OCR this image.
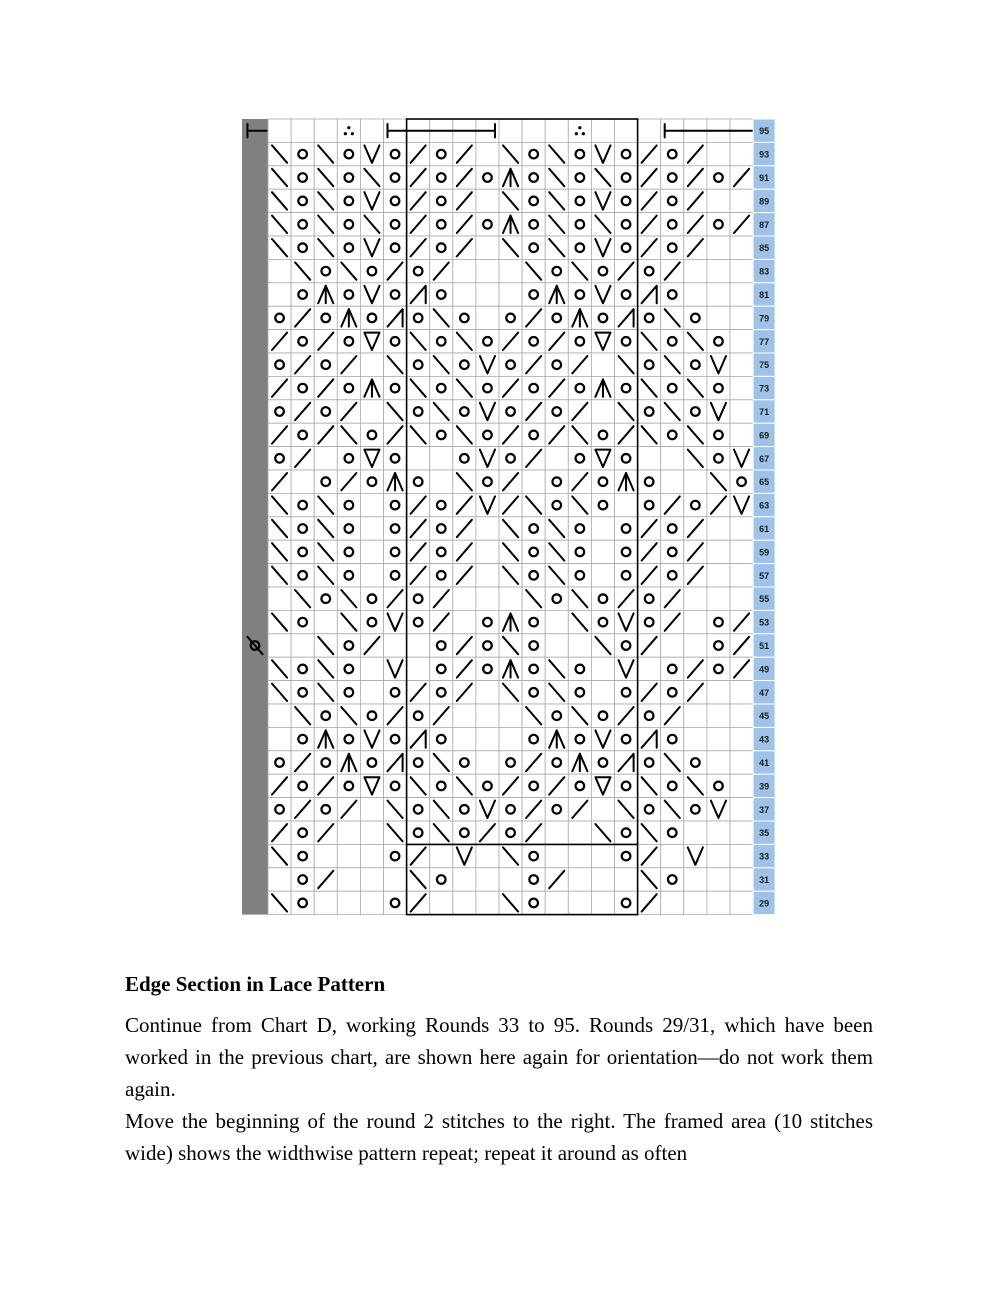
95
93
91
89
87
85
83
81
79
77
75
73
71
69
67
65
63
61
59
57
55
53
51
49
47
45
43
41
39
37
35
33
31
29
Edge Section in Lace Pattern

Continue from Chart D, working Rounds 33 to 95. Rounds 29/31, which have been worked in the previous chart, are shown here again for orientation—do not work them again.

Move the beginning of the round 2 stitches to the right. The framed area (10 stitches wide) shows the widthwise pattern repeat; repeat it around as often
